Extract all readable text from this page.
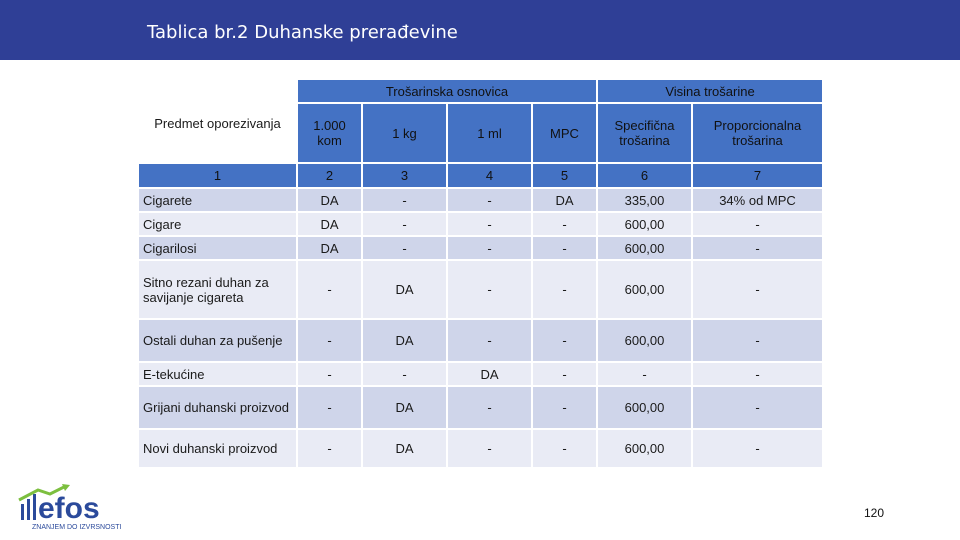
Tablica br.2 Duhanske prerađevine
Predmet oporezivanja	Trošarinska osnovica				Visina trošarine	
	1.000 kom	1 kg	1 ml	MPC	Specifična trošarina	Proporcionalna trošarina
1	2	3	4	5	6	7
Cigarete	DA	-	-	DA	335,00	34% od MPC
Cigare	DA	-	-	-	600,00	-
Cigarilosi	DA	-	-	-	600,00	-
Sitno rezani duhan za savijanje cigareta	-	DA	-	-	600,00	-
Ostali duhan za pušenje	-	DA	-	-	600,00	-
E-tekućine	-	-	DA	-	-	-
Grijani duhanski proizvod	-	DA	-	-	600,00	-
Novi duhanski proizvod	-	DA	-	-	600,00	-
efos
ZNANJEM DO IZVRSNOSTI
120
